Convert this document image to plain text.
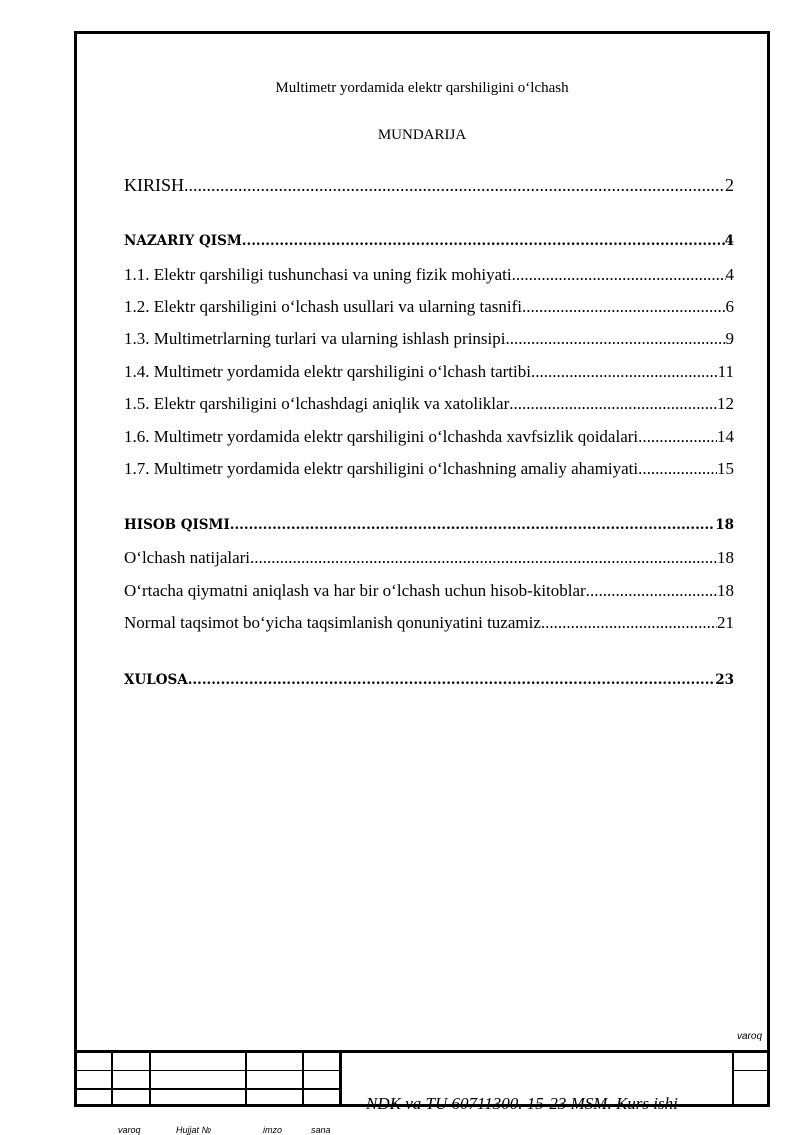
Multimetr yordamida elektr qarshiligini o‘lchash
MUNDARIJA
KIRISH .....	2
NAZARIY QISM .....	4
1.1. Elektr qarshiligi tushunchasi va uning fizik mohiyati .....	4
1.2. Elektr qarshiligini o‘lchash usullari va ularning tasnifi .....	6
1.3. Multimetrlarning turlari va ularning ishlash prinsipi .....	9
1.4. Multimetr yordamida elektr qarshiligini o‘lchash tartibi .....	11
1.5. Elektr qarshiligini o‘lchashdagi aniqlik va xatoliklar .....	12
1.6. Multimetr yordamida elektr qarshiligini o‘lchashda xavfsizlik qoidalari .....	14
1.7. Multimetr yordamida elektr qarshiligini o‘lchashning amaliy ahamiyati .....	15
HISOB QISMI .....	18
O‘lchash natijalari .....	18
O‘rtacha qiymatni aniqlash va har bir o‘lchash uchun hisob-kitoblar .....	18
Normal taqsimot bo‘yicha taqsimlanish qonuniyatini tuzamiz .....	21
XULOSA .....	23
varoq
NDK va TU 60711300. 15-23 MSM. Kurs ishi
varoq	Hujjat №	imzo	sana
